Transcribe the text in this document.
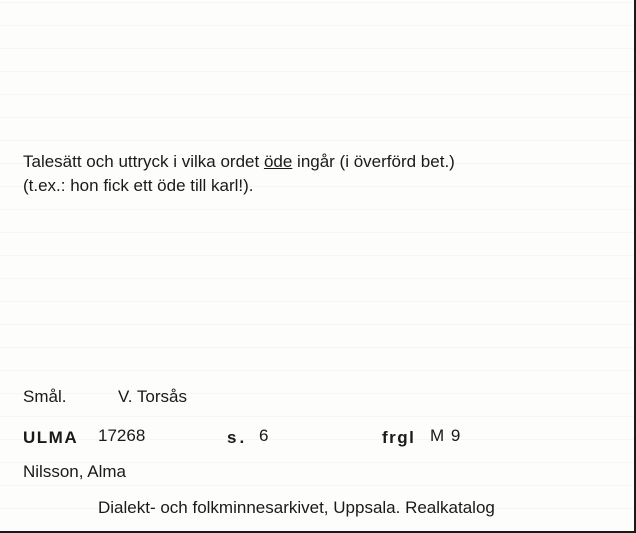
Talesätt och uttryck i vilka ordet öde ingår (i överförd bet.)
(t.ex.: hon fick ett öde till karl!).
Smål.	V. Torsås
ULMA 17268	s. 6	frgl M 9
Nilsson, Alma
Dialekt- och folkminnesarkivet, Uppsala. Realkatalog
